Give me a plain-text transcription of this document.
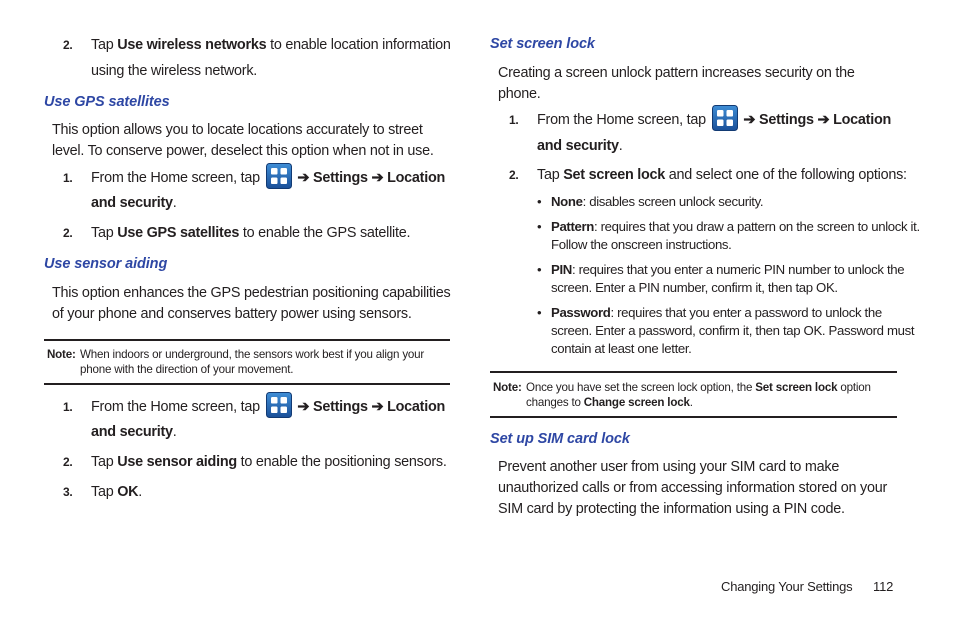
2. Tap Use wireless networks to enable location information
using the wireless network.
Use GPS satellites
This option allows you to locate locations accurately to street
level. To conserve power, deselect this option when not in use.
1. From the Home screen, tap	➔ Settings ➔ Location
and security.
2. Tap Use GPS satellites to enable the GPS satellite.
Use sensor aiding
This option enhances the GPS pedestrian positioning capabilities
of your phone and conserves battery power using sensors.
Note: When indoors or underground, the sensors work best if you align your
phone with the direction of your movement.
1. From the Home screen, tap	➔ Settings ➔ Location
and security.
2. Tap Use sensor aiding to enable the positioning sensors.
3. Tap OK.
Set screen lock
Creating a screen unlock pattern increases security on the
phone.
1. From the Home screen, tap	➔ Settings ➔ Location
and security.
2. Tap Set screen lock and select one of the following options:
• None: disables screen unlock security.
• Pattern: requires that you draw a pattern on the screen to unlock it.
Follow the onscreen instructions.
• PIN: requires that you enter a numeric PIN number to unlock the
screen. Enter a PIN number, confirm it, then tap OK.
• Password: requires that you enter a password to unlock the
screen. Enter a password, confirm it, then tap OK. Password must
contain at least one letter.
Note: Once you have set the screen lock option, the Set screen lock option
changes to Change screen lock.
Set up SIM card lock
Prevent another user from using your SIM card to make
unauthorized calls or from accessing information stored on your
SIM card by protecting the information using a PIN code.
Changing Your Settings 112
